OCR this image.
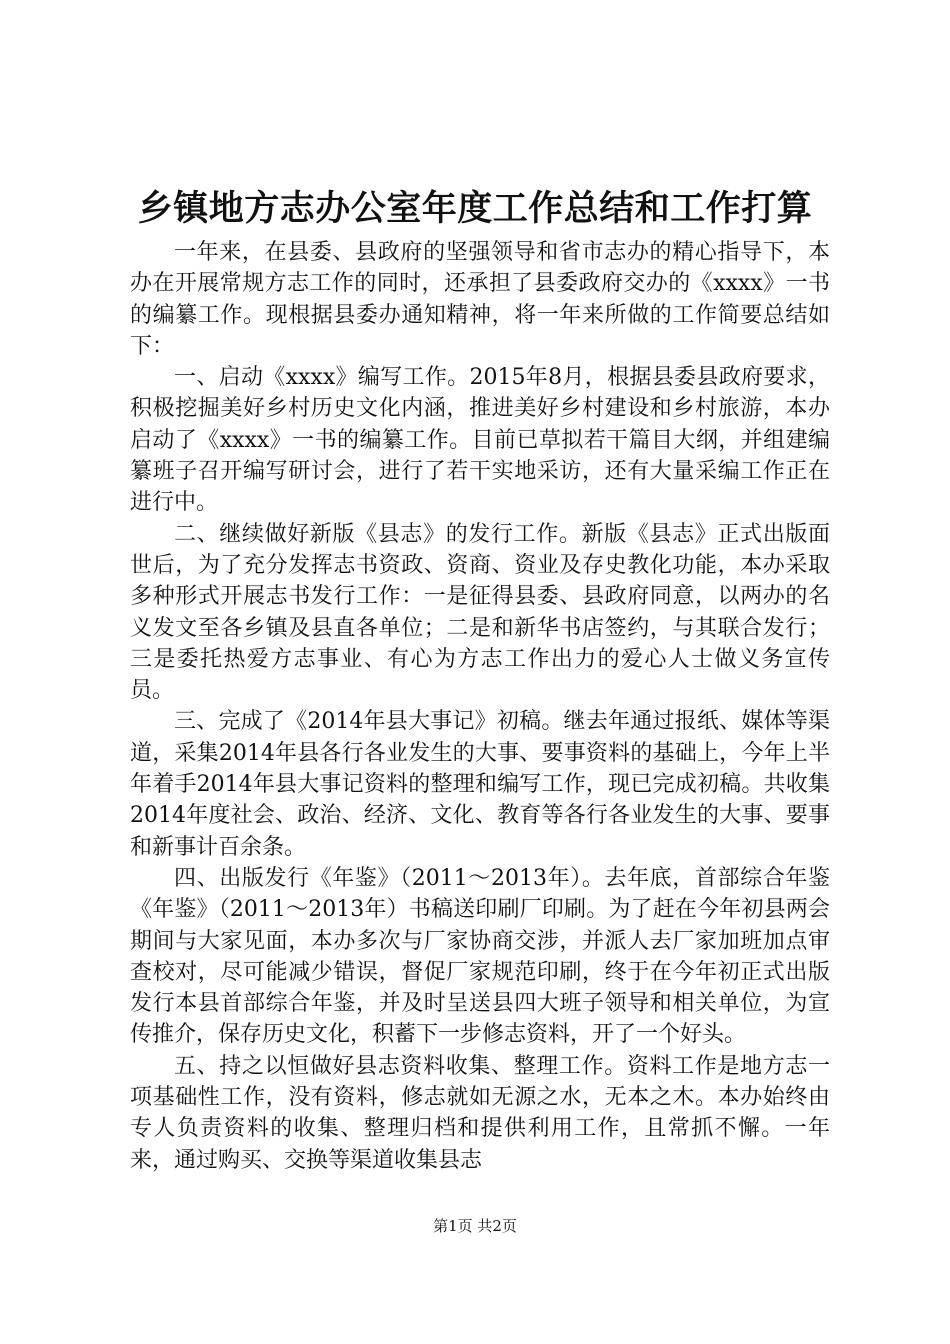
乡镇地方志办公室年度工作总结和工作打算

一年来，在县委、县政府的坚强领导和省市志办的精心指导下，本办在开展常规方志工作的同时，还承担了县委政府交办的《xxxx》一书的编纂工作。现根据县委办通知精神，将一年来所做的工作简要总结如下：

一、启动《xxxx》编写工作。2015年8月，根据县委县政府要求，积极挖掘美好乡村历史文化内涵，推进美好乡村建设和乡村旅游，本办启动了《xxxx》一书的编纂工作。目前已草拟若干篇目大纲，并组建编纂班子召开编写研讨会，进行了若干实地采访，还有大量采编工作正在进行中。

二、继续做好新版《县志》的发行工作。新版《县志》正式出版面世后，为了充分发挥志书资政、资商、资业及存史教化功能，本办采取多种形式开展志书发行工作：一是征得县委、县政府同意，以两办的名义发文至各乡镇及县直各单位；二是和新华书店签约，与其联合发行；三是委托热爱方志事业、有心为方志工作出力的爱心人士做义务宣传员。

三、完成了《2014年县大事记》初稿。继去年通过报纸、媒体等渠道，采集2014年县各行各业发生的大事、要事资料的基础上，今年上半年着手2014年县大事记资料的整理和编写工作，现已完成初稿。共收集2014年度社会、政治、经济、文化、教育等各行各业发生的大事、要事和新事计百余条。

四、出版发行《年鉴》（2011～2013年）。去年底，首部综合年鉴《年鉴》（2011～2013年）书稿送印刷厂印刷。为了赶在今年初县两会期间与大家见面，本办多次与厂家协商交涉，并派人去厂家加班加点审查校对，尽可能减少错误，督促厂家规范印刷，终于在今年初正式出版发行本县首部综合年鉴，并及时呈送县四大班子领导和相关单位，为宣传推介，保存历史文化，积蓄下一步修志资料，开了一个好头。

五、持之以恒做好县志资料收集、整理工作。资料工作是地方志一项基础性工作，没有资料，修志就如无源之水，无本之木。本办始终由专人负责资料的收集、整理归档和提供利用工作，且常抓不懈。一年来，通过购买、交换等渠道收集县志

第1页 共2页
